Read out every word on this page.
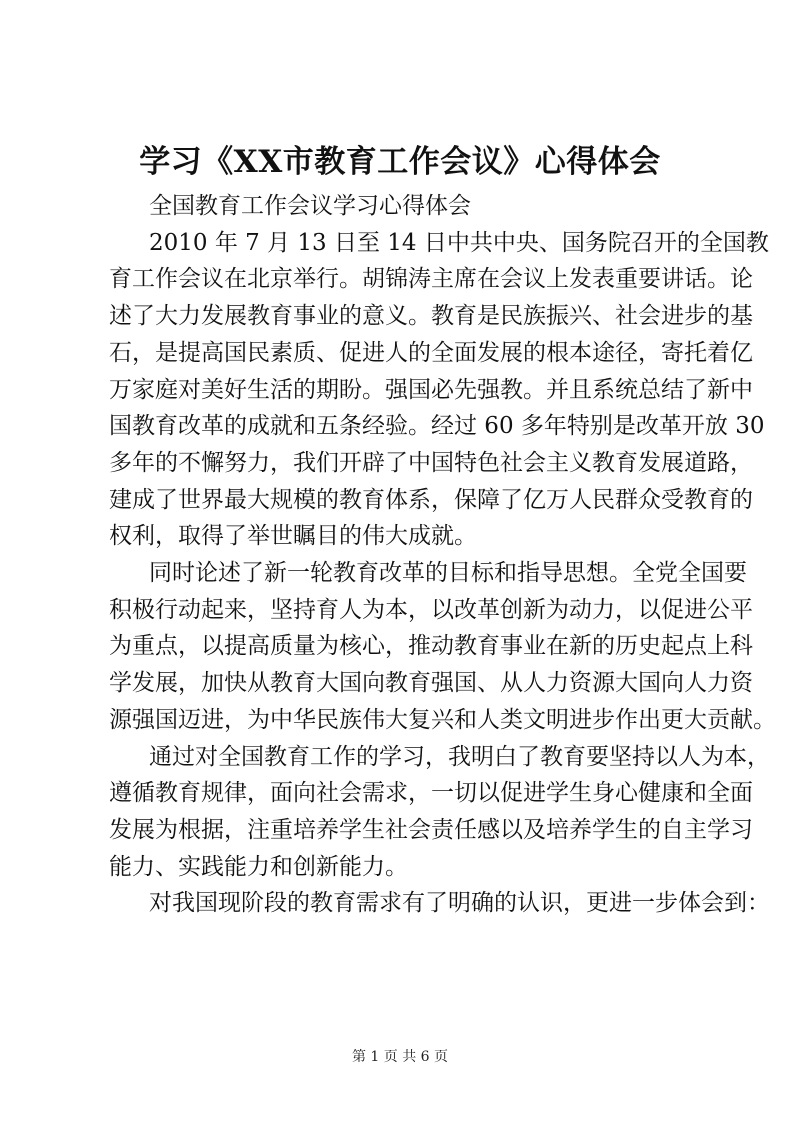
学习《XX市教育工作会议》心得体会

全国教育工作会议学习心得体会

2010 年 7 月 13 日至 14 日中共中央、国务院召开的全国教
育工作会议在北京举行。胡锦涛主席在会议上发表重要讲话。论
述了大力发展教育事业的意义。教育是民族振兴、社会进步的基
石，是提高国民素质、促进人的全面发展的根本途径，寄托着亿
万家庭对美好生活的期盼。强国必先强教。并且系统总结了新中
国教育改革的成就和五条经验。经过 60 多年特别是改革开放 30
多年的不懈努力，我们开辟了中国特色社会主义教育发展道路，
建成了世界最大规模的教育体系，保障了亿万人民群众受教育的
权利，取得了举世瞩目的伟大成就。

同时论述了新一轮教育改革的目标和指导思想。全党全国要
积极行动起来，坚持育人为本，以改革创新为动力，以促进公平
为重点，以提高质量为核心，推动教育事业在新的历史起点上科
学发展，加快从教育大国向教育强国、从人力资源大国向人力资
源强国迈进，为中华民族伟大复兴和人类文明进步作出更大贡献。

通过对全国教育工作的学习，我明白了教育要坚持以人为本，
遵循教育规律，面向社会需求，一切以促进学生身心健康和全面
发展为根据，注重培养学生社会责任感以及培养学生的自主学习
能力、实践能力和创新能力。

对我国现阶段的教育需求有了明确的认识，更进一步体会到：

第 1 页 共 6 页
